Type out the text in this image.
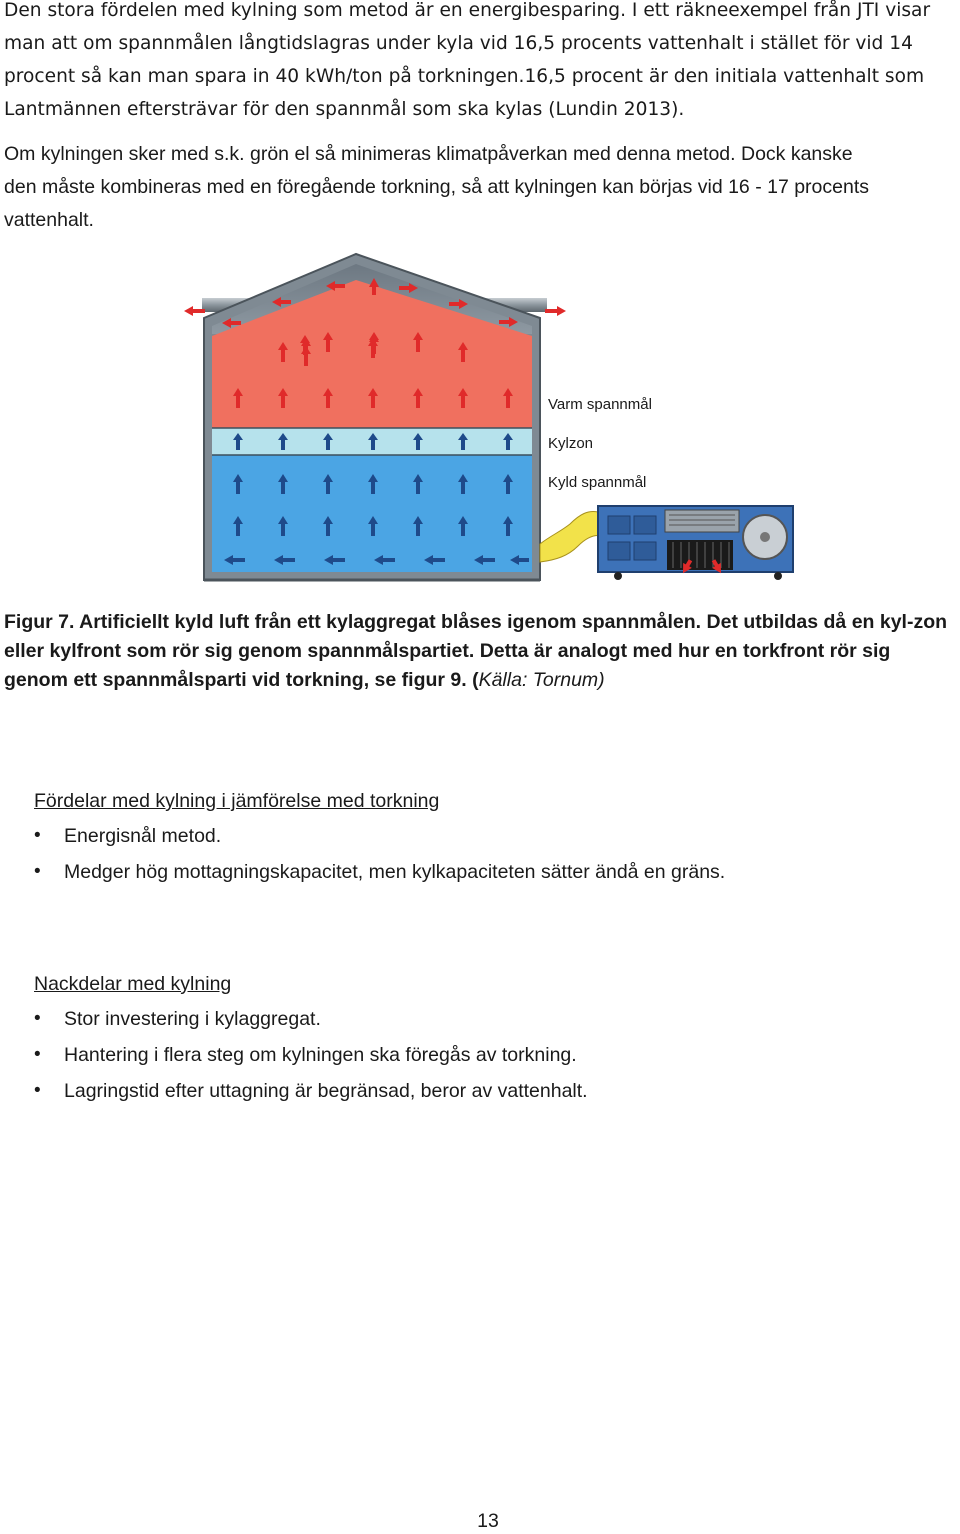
Den stora fördelen med kylning som metod är en energibesparing. I ett räkneexempel från JTI visar man att om spannmålen långtidslagras under kyla vid 16,5 procents vattenhalt i stället för vid 14 procent så kan man spara in 40 kWh/ton på torkningen.16,5 procent är den initiala vattenhalt som Lantmännen eftersträvar för den spannmål som ska kylas (Lundin 2013).

Om kylningen sker med s.k. grön el så minimeras klimatpåverkan med denna metod. Dock kanske
den måste kombineras med en föregående torkning, så att kylningen kan börjas vid 16 - 17 procents vattenhalt.

Varm spannmål
Kylzon
Kyld spannmål

Figur 7. Artificiellt kyld luft från ett kylaggregat blåses igenom spannmålen. Det utbildas då en kyl-zon eller kylfront som rör sig genom spannmålspartiet. Detta är analogt med hur en torkfront rör sig genom ett spannmålsparti vid torkning, se figur 9. (Källa: Tornum)

Fördelar med kylning i jämförelse med torkning
• Energisnål metod.
• Medger hög mottagningskapacitet, men kylkapaciteten sätter ändå en gräns.
Nackdelar med kylning
• Stor investering i kylaggregat.
• Hantering i flera steg om kylningen ska föregås av torkning.
• Lagringstid efter uttagning är begränsad, beror av vattenhalt.
13
